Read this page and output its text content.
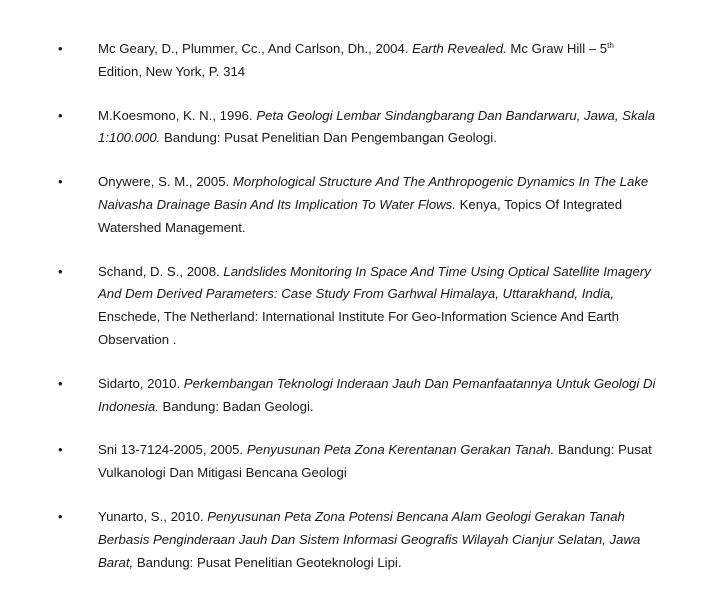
•	Mc Geary, D., Plummer, Cc., And Carlson, Dh., 2004. Earth Revealed. Mc Graw Hill – 5th Edition, New York, P. 314
•	M.Koesmono, K. N., 1996. Peta Geologi Lembar Sindangbarang Dan Bandarwaru, Jawa, Skala 1:100.000. Bandung: Pusat Penelitian Dan Pengembangan Geologi.
•	Onywere, S. M., 2005. Morphological Structure And The Anthropogenic Dynamics In The Lake Naivasha Drainage Basin And Its Implication To Water Flows. Kenya, Topics Of Integrated Watershed Management.
•	Schand, D. S., 2008. Landslides Monitoring In Space And Time Using Optical Satellite Imagery And Dem Derived Parameters: Case Study From Garhwal Himalaya, Uttarakhand, India, Enschede, The Netherland: International Institute For Geo-Information Science And Earth Observation .
•	Sidarto, 2010. Perkembangan Teknologi Inderaan Jauh Dan Pemanfaatannya Untuk Geologi Di Indonesia. Bandung: Badan Geologi.
•	Sni 13-7124-2005, 2005. Penyusunan Peta Zona Kerentanan Gerakan Tanah. Bandung: Pusat Vulkanologi Dan Mitigasi Bencana Geologi
•	Yunarto, S., 2010. Penyusunan Peta Zona Potensi Bencana Alam Geologi Gerakan Tanah Berbasis Penginderaan Jauh Dan Sistem Informasi Geografis Wilayah Cianjur Selatan, Jawa Barat, Bandung: Pusat Penelitian Geoteknologi Lipi.
